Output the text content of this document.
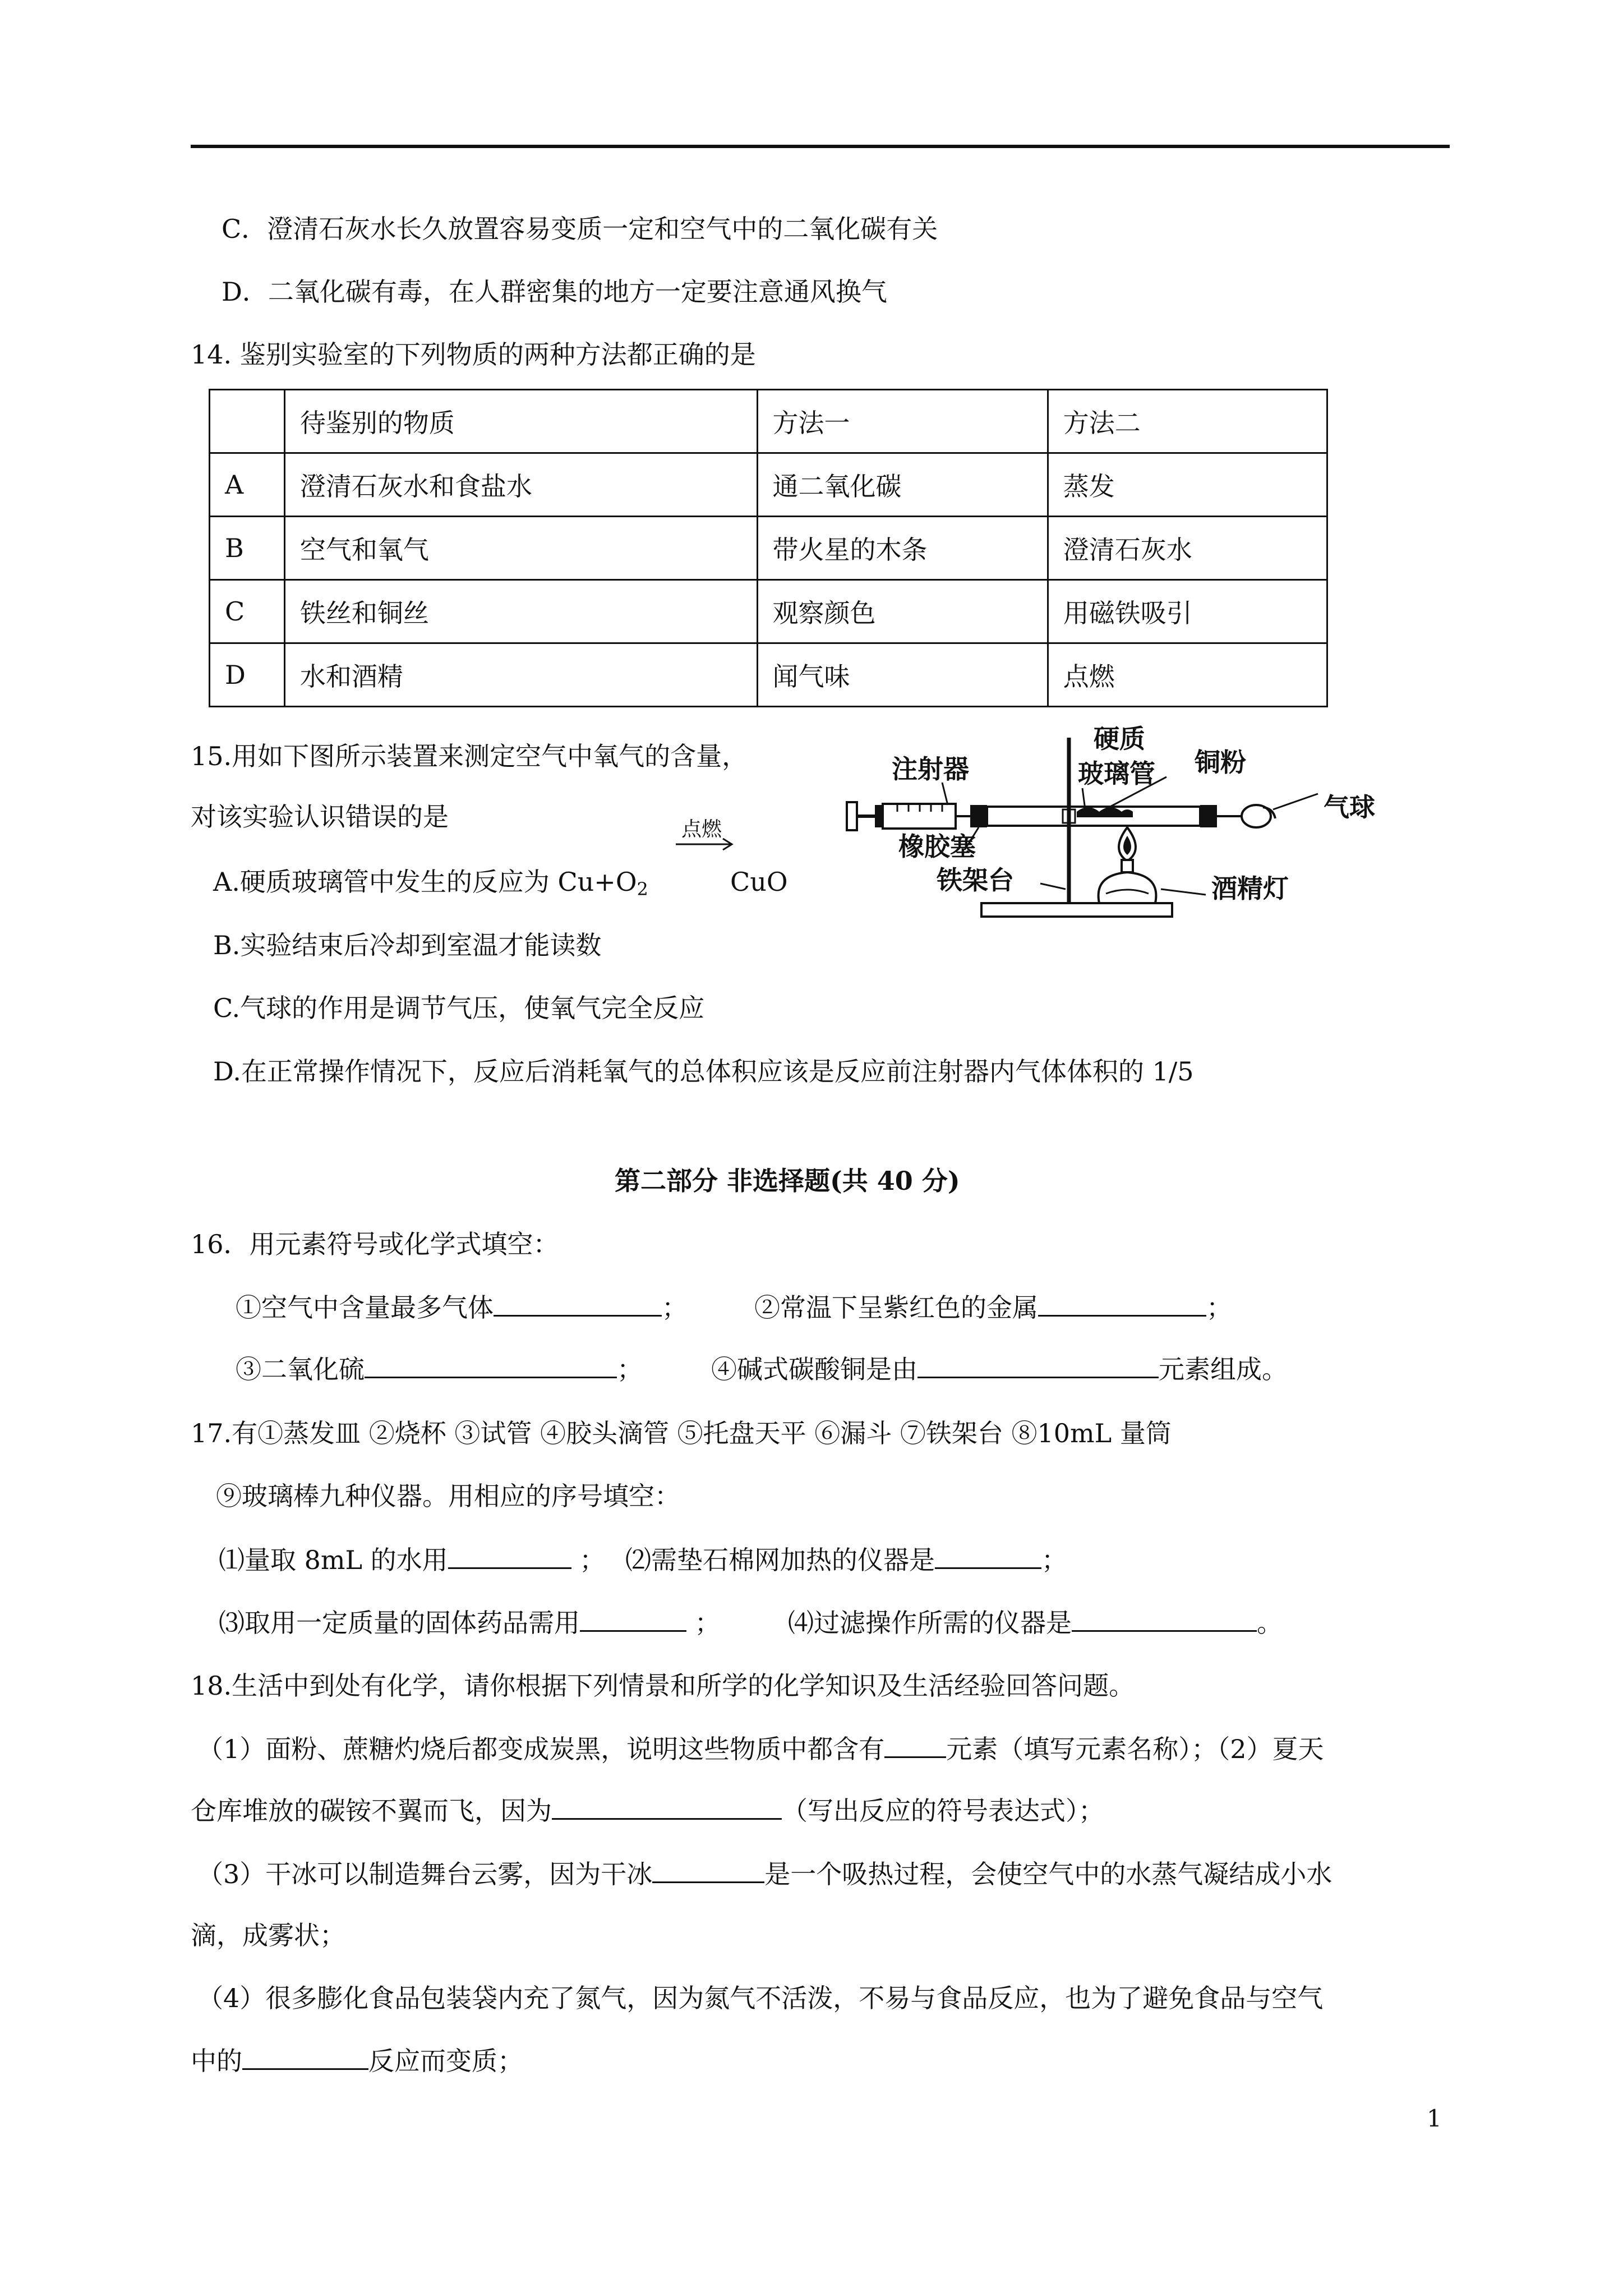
C．澄清石灰水长久放置容易变质一定和空气中的二氧化碳有关
D．二氧化碳有毒，在人群密集的地方一定要注意通风换气
14. 鉴别实验室的下列物质的两种方法都正确的是
	待鉴别的物质	方法一	方法二
A	澄清石灰水和食盐水	通二氧化碳	蒸发
B	空气和氧气	带火星的木条	澄清石灰水
C	铁丝和铜丝	观察颜色	用磁铁吸引
D	水和酒精	闻气味	点燃
15.用如下图所示装置来测定空气中氧气的含量，
对该实验认识错误的是	点燃
A.硬质玻璃管中发生的反应为 $Cu+O_2$	CuO
B.实验结束后冷却到室温才能读数
C.气球的作用是调节气压，使氧气完全反应
D.在正常操作情况下，反应后消耗氧气的总体积应该是反应前注射器内气体体积的 1/5
硬质
玻璃管 铜粉
注射器
气球
橡胶塞
铁架台	酒精灯
第二部分 非选择题(共 40 分)
16．用元素符号或化学式填空：
①空气中含量最多气体	；	②常温下呈紫红色的金属	；
③二氧化硫	；	④碱式碳酸铜是由	元素组成。
17.有①蒸发皿 ②烧杯 ③试管 ④胶头滴管 ⑤托盘天平 ⑥漏斗 ⑦铁架台 ⑧10mL 量筒
⑨玻璃棒九种仪器。用相应的序号填空：
⑴量取 8mL 的水用	； ⑵需垫石棉网加热的仪器是	；
⑶取用一定质量的固体药品需用	；	⑷过滤操作所需的仪器是	。
18.生活中到处有化学，请你根据下列情景和所学的化学知识及生活经验回答问题。
（1）面粉、蔗糖灼烧后都变成炭黑，说明这些物质中都含有 元素（填写元素名称）；（2）夏天
仓库堆放的碳铵不翼而飞，因为	（写出反应的符号表达式）；
（3）干冰可以制造舞台云雾，因为干冰	是一个吸热过程，会使空气中的水蒸气凝结成小水
滴，成雾状；
（4）很多膨化食品包装袋内充了氮气，因为氮气不活泼，不易与食品反应，也为了避免食品与空气
中的	反应而变质；
1
